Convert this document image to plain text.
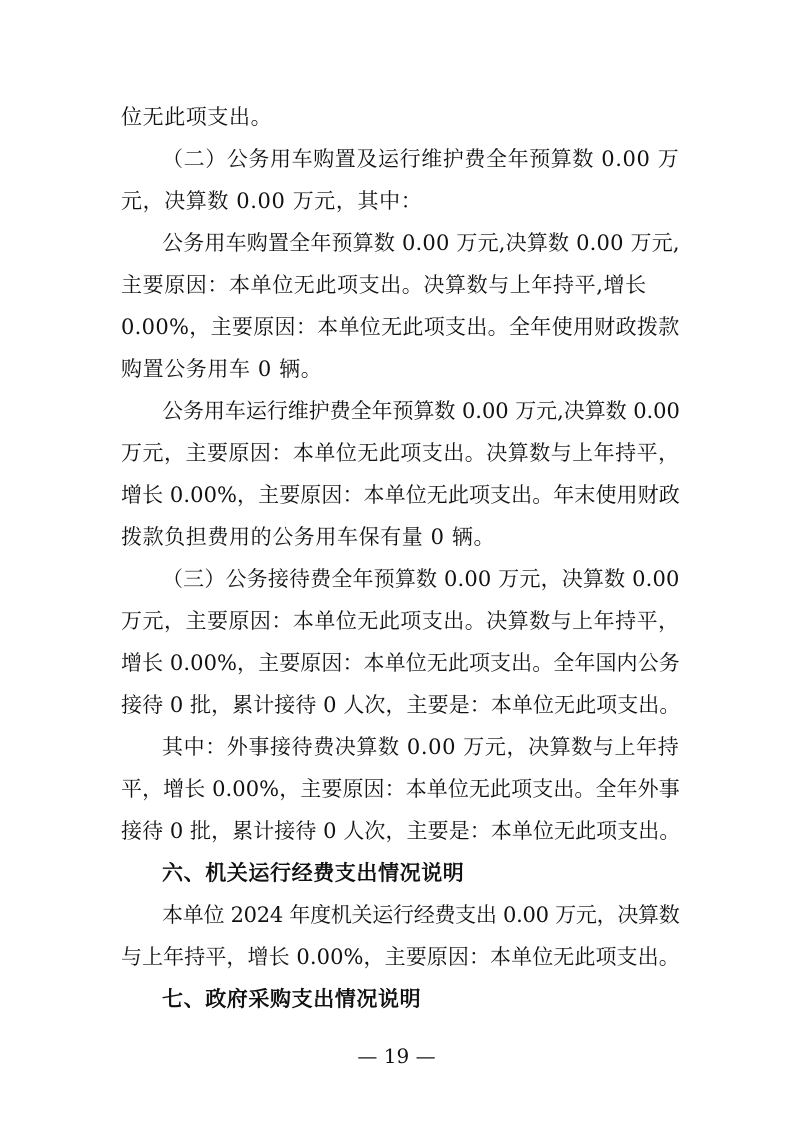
位无此项支出。
（二）公务用车购置及运行维护费全年预算数 0.00 万
元，决算数 0.00 万元，其中：
公务用车购置全年预算数 0.00 万元,决算数 0.00 万元,
主要原因：本单位无此项支出。决算数与上年持平,增长
0.00%，主要原因：本单位无此项支出。全年使用财政拨款
购置公务用车 0 辆。
公务用车运行维护费全年预算数 0.00 万元,决算数 0.00
万元，主要原因：本单位无此项支出。决算数与上年持平，
增长 0.00%，主要原因：本单位无此项支出。年末使用财政
拨款负担费用的公务用车保有量 0 辆。
（三）公务接待费全年预算数 0.00 万元，决算数 0.00
万元，主要原因：本单位无此项支出。决算数与上年持平，
增长 0.00%，主要原因：本单位无此项支出。全年国内公务
接待 0 批，累计接待 0 人次，主要是：本单位无此项支出。
其中：外事接待费决算数 0.00 万元，决算数与上年持
平，增长 0.00%，主要原因：本单位无此项支出。全年外事
接待 0 批，累计接待 0 人次，主要是：本单位无此项支出。
六、机关运行经费支出情况说明
本单位 2024 年度机关运行经费支出 0.00 万元，决算数
与上年持平，增长 0.00%，主要原因：本单位无此项支出。
七、政府采购支出情况说明
— 19 —
